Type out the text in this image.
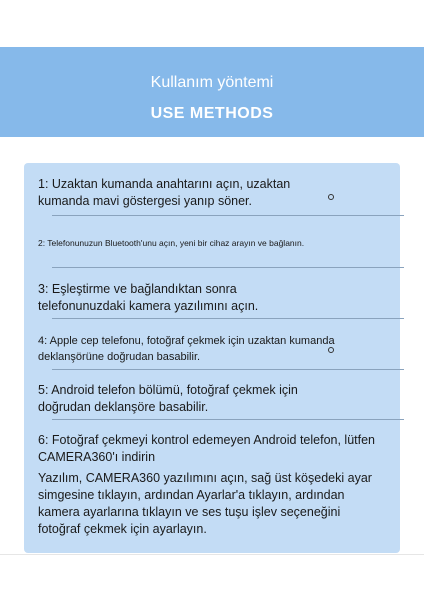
Kullanım yöntemi
USE METHODS
1: Uzaktan kumanda anahtarını açın, uzaktan kumanda mavi göstergesi yanıp söner.
2: Telefonunuzun Bluetooth'unu açın, yeni bir cihaz arayın ve bağlanın.
3: Eşleştirme ve bağlandıktan sonra telefonunuzdaki kamera yazılımını açın.
4: Apple cep telefonu, fotoğraf çekmek için uzaktan kumanda deklanşörüne doğrudan basabilir.
5: Android telefon bölümü, fotoğraf çekmek için doğrudan deklanşöre basabilir.
6: Fotoğraf çekmeyi kontrol edemeyen Android telefon, lütfen CAMERA360'ı indirin
Yazılım, CAMERA360 yazılımını açın, sağ üst köşedeki ayar simgesine tıklayın, ardından Ayarlar'a tıklayın, ardından kamera ayarlarına tıklayın ve ses tuşu işlev seçeneğini fotoğraf çekmek için ayarlayın.
